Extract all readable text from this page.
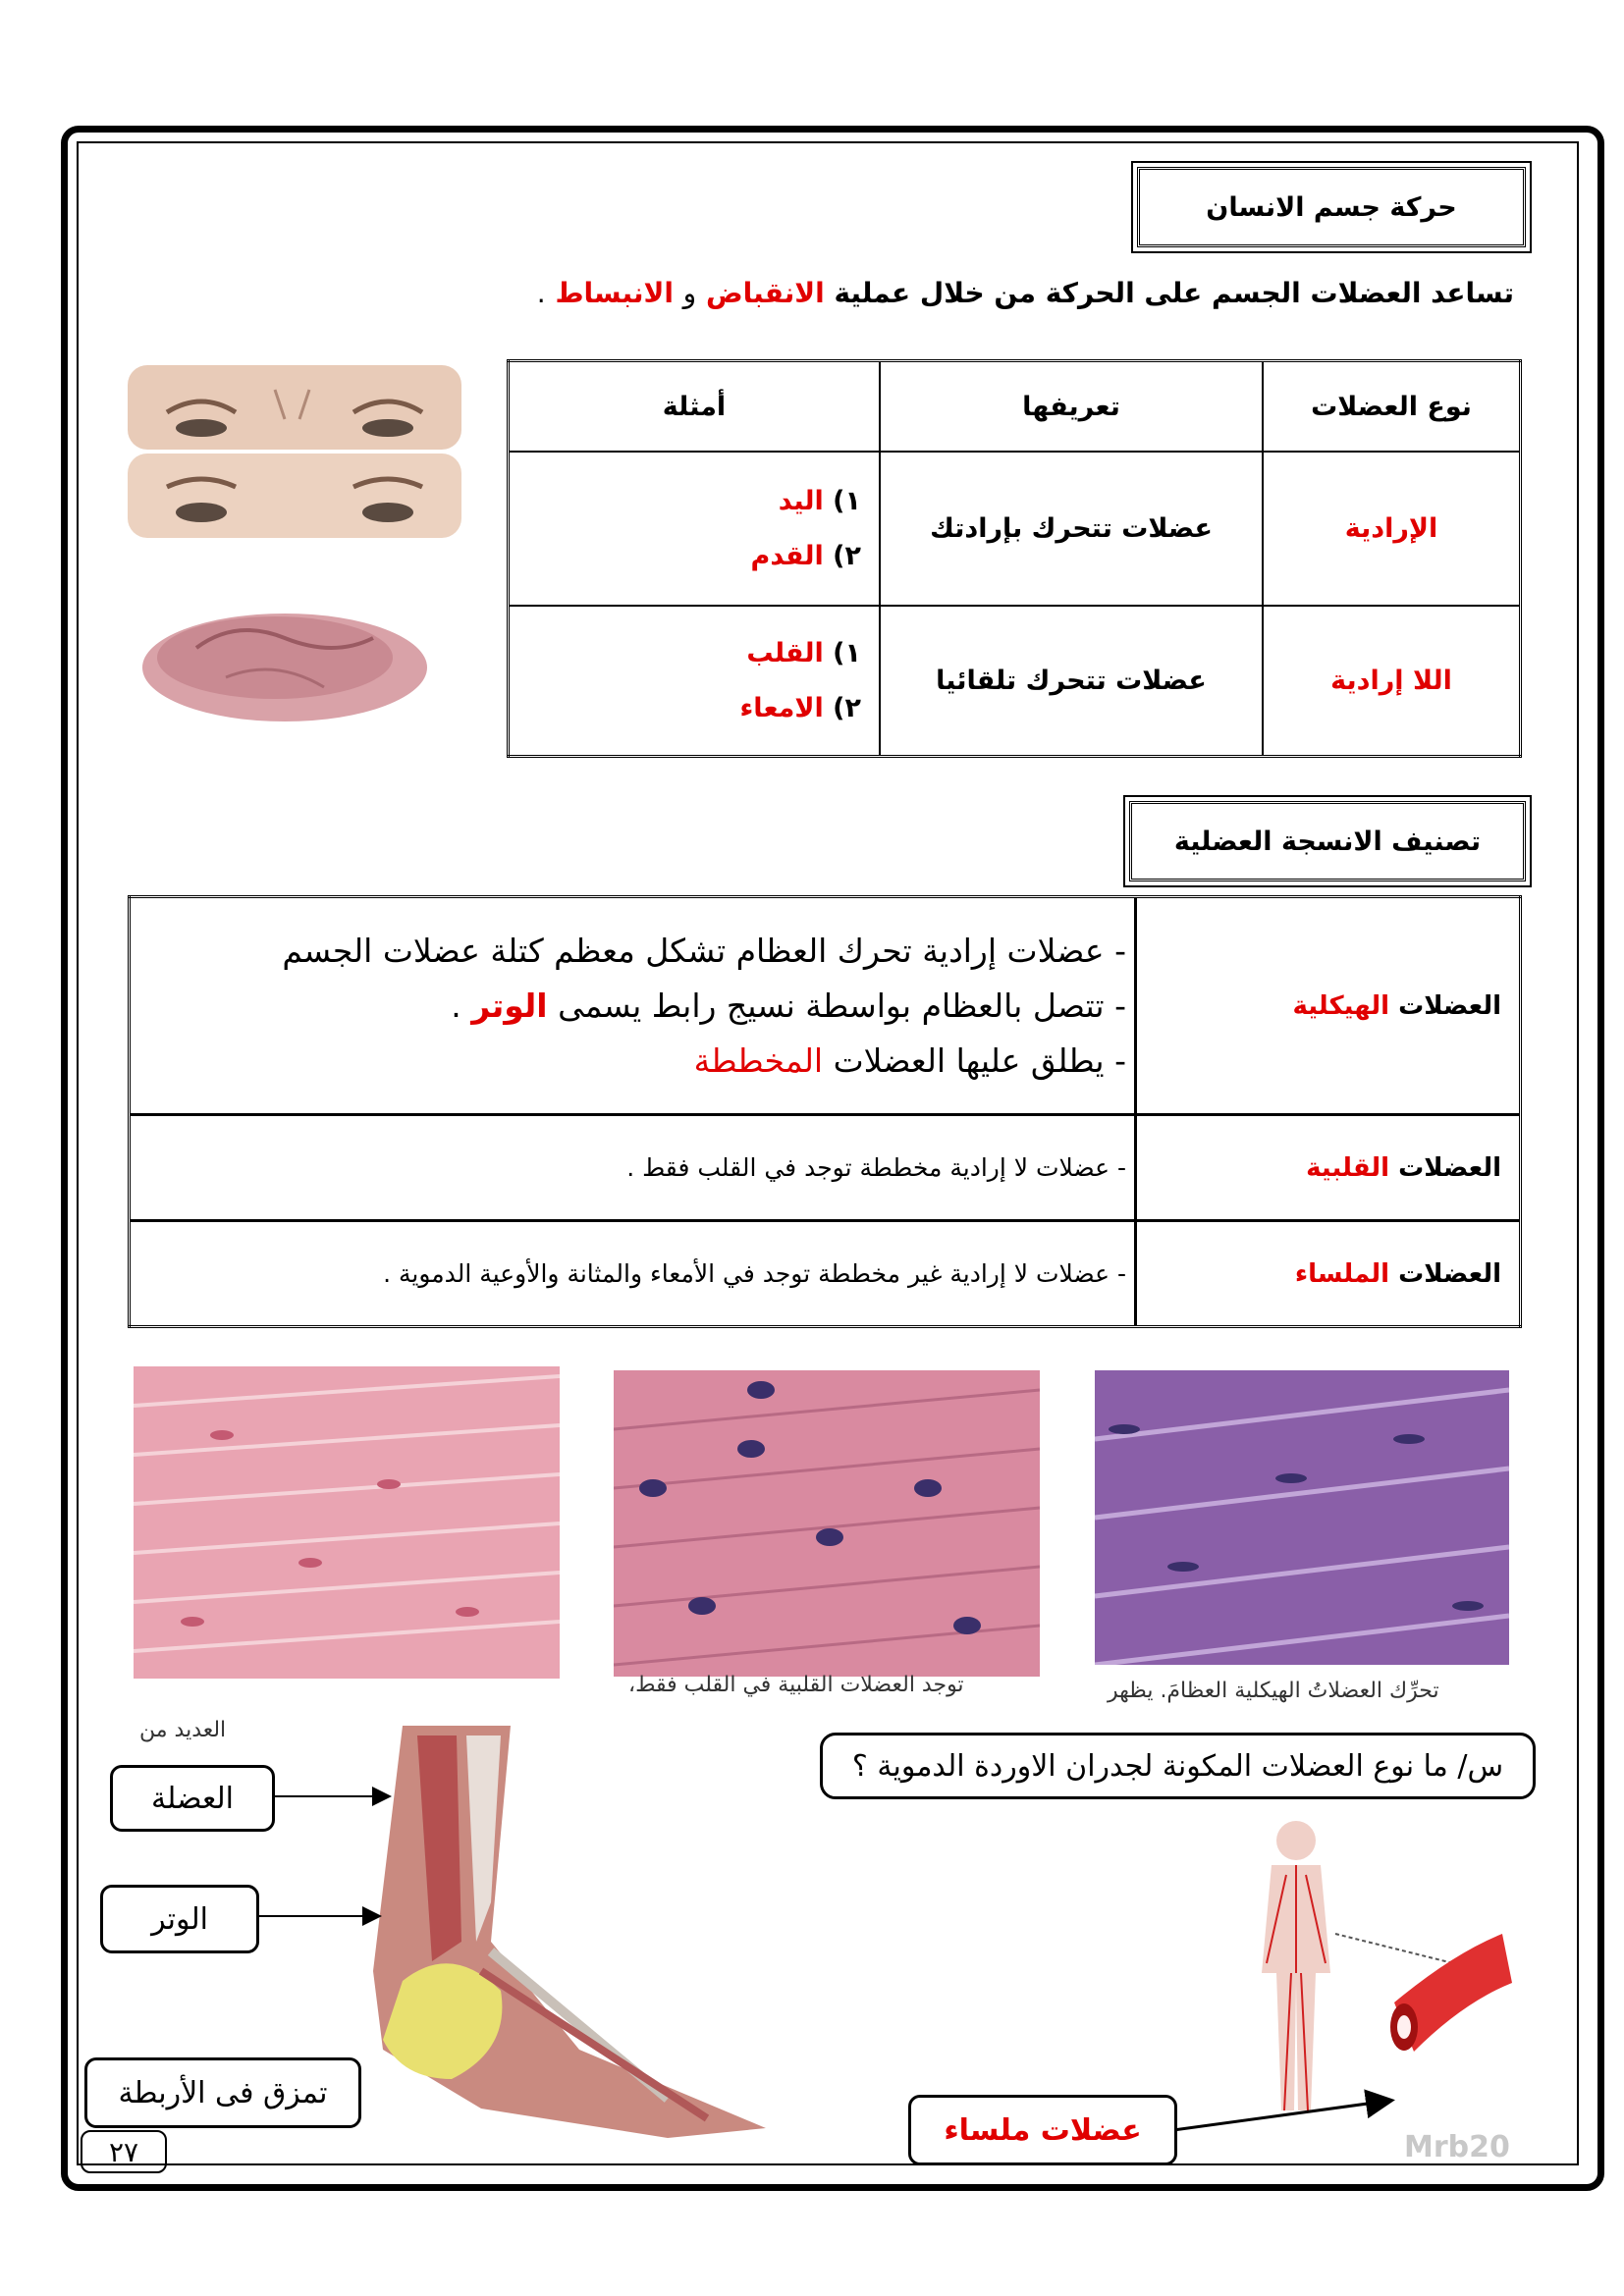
حركة جسم الانسان
تساعد العضلات الجسم على الحركة من خلال عملية الانقباض و الانبساط .
نوع العضلات	تعريفها	أمثلة
الإرادية	عضلات تتحرك بإرادتك	١) اليد
٢) القدم

اللا إرادية	عضلات تتحرك تلقائيا	١) القلب
٢) الامعاء
تصنيف الانسجة العضلية
العضلات الهيكلية	- عضلات إرادية تحرك العظام تشكل معظم كتلة عضلات الجسم
- تتصل بالعظام بواسطة نسيج رابط يسمى الوتر .
- يطلق عليها العضلات المخططة

العضلات القلبية	- عضلات لا إرادية مخططة توجد في القلب فقط .
العضلات الملساء	- عضلات لا إرادية غير مخططة توجد في الأمعاء والمثانة والأوعية الدموية .
تحرِّك العضلاتُ الهيكلية العظامَ. يظهر
توجد العضلات القلبية في القلب فقط،
العديد من
س/ ما نوع العضلات المكونة لجدران الاوردة الدموية ؟
العضلة
الوتر
تمزق فى الأربطة
عضلات ملساء
٢٧	Mrb20
